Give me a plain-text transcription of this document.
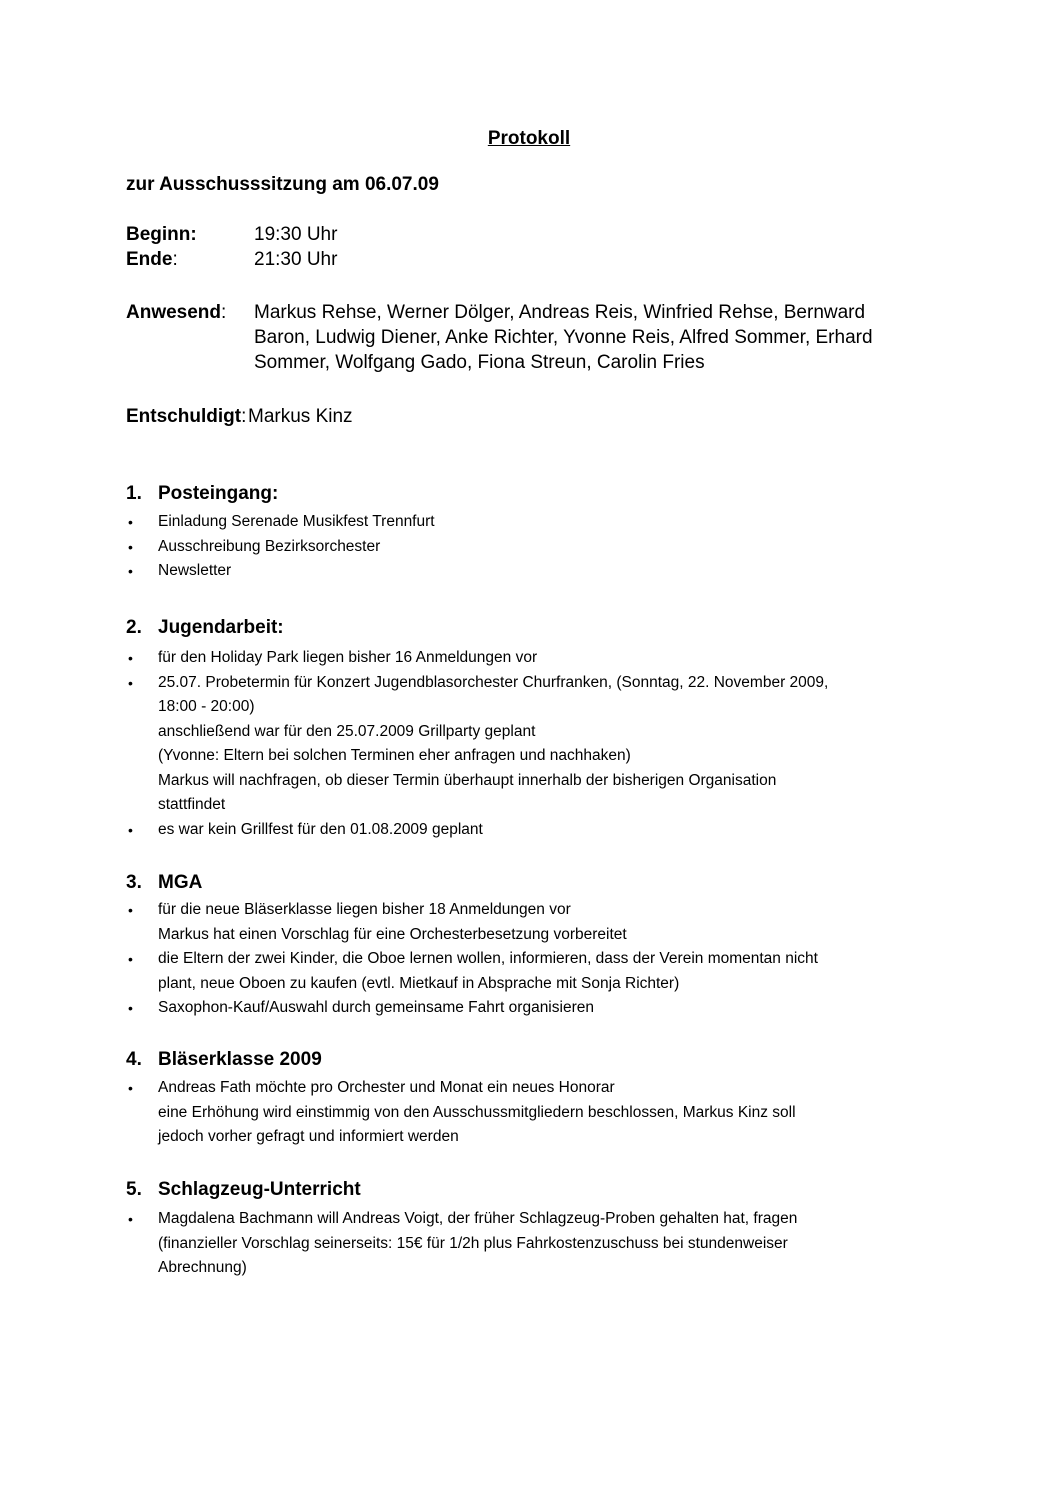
Protokoll
zur Ausschusssitzung am 06.07.09
Beginn:	19:30 Uhr
Ende:	21:30 Uhr
Anwesend: Markus Rehse, Werner Dölger, Andreas Reis, Winfried Rehse, Bernward
Baron, Ludwig Diener, Anke Richter, Yvonne Reis, Alfred Sommer, Erhard
Sommer, Wolfgang Gado, Fiona Streun, Carolin Fries
Entschuldigt: Markus Kinz
1. Posteingang:
• Einladung Serenade Musikfest Trennfurt
• Ausschreibung Bezirksorchester
• Newsletter
2. Jugendarbeit:
• für den Holiday Park liegen bisher 16 Anmeldungen vor
• 25.07. Probetermin für Konzert Jugendblasorchester Churfranken, (Sonntag, 22. November 2009,
18:00 - 20:00)
anschließend war für den 25.07.2009 Grillparty geplant
(Yvonne: Eltern bei solchen Terminen eher anfragen und nachhaken)
Markus will nachfragen, ob dieser Termin überhaupt innerhalb der bisherigen Organisation
stattfindet
• es war kein Grillfest für den 01.08.2009 geplant
3. MGA
• für die neue Bläserklasse liegen bisher 18 Anmeldungen vor
Markus hat einen Vorschlag für eine Orchesterbesetzung vorbereitet
• die Eltern der zwei Kinder, die Oboe lernen wollen, informieren, dass der Verein momentan nicht
plant, neue Oboen zu kaufen (evtl. Mietkauf in Absprache mit Sonja Richter)
• Saxophon-Kauf/Auswahl durch gemeinsame Fahrt organisieren
4. Bläserklasse 2009
• Andreas Fath möchte pro Orchester und Monat ein neues Honorar
eine Erhöhung wird einstimmig von den Ausschussmitgliedern beschlossen, Markus Kinz soll
jedoch vorher gefragt und informiert werden
5. Schlagzeug-Unterricht
• Magdalena Bachmann will Andreas Voigt, der früher Schlagzeug-Proben gehalten hat, fragen
(finanzieller Vorschlag seinerseits: 15€ für 1/2h plus Fahrkostenzuschuss bei stundenweiser
Abrechnung)
